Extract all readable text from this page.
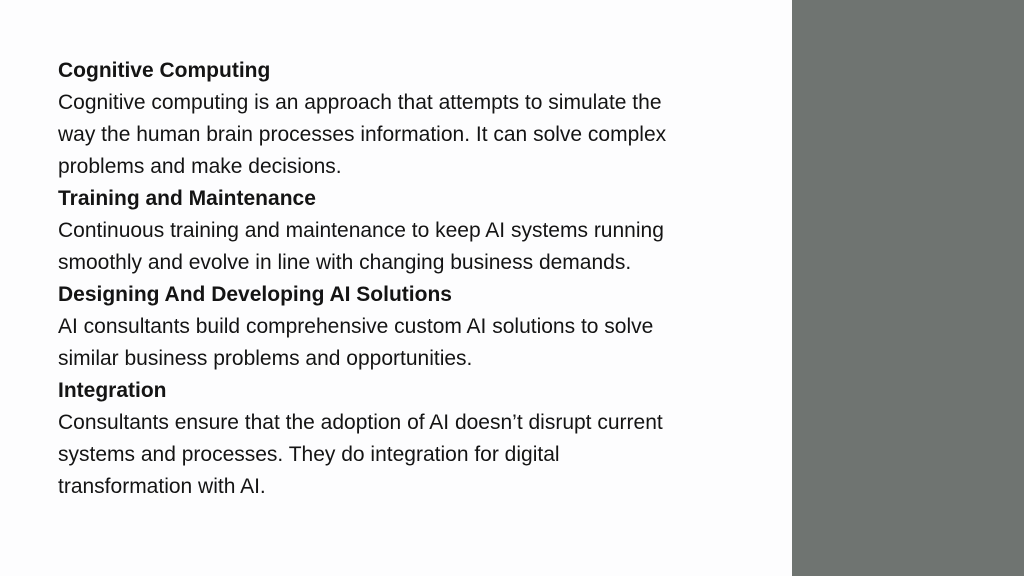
Cognitive Computing
Cognitive computing is an approach that attempts to simulate the
way the human brain processes information. It can solve complex
problems and make decisions.
Training and Maintenance
Continuous training and maintenance to keep AI systems running
smoothly and evolve in line with changing business demands.
Designing And Developing AI Solutions
AI consultants build comprehensive custom AI solutions to solve
similar business problems and opportunities.
Integration
Consultants ensure that the adoption of AI doesn’t disrupt current
systems and processes. They do integration for digital
transformation with AI.
